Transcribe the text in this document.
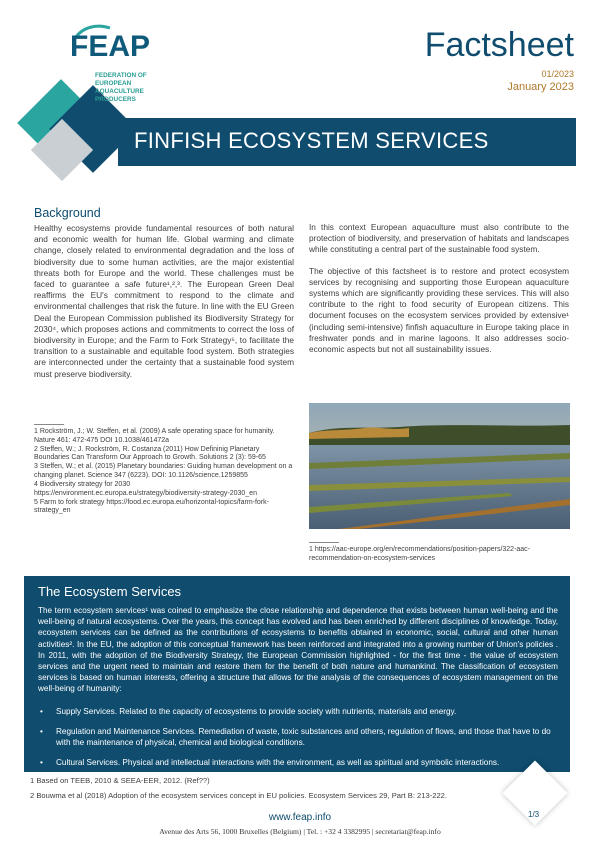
FEAP
FEDERATION OF
EUROPEAN
AQUACULTURE
PRODUCERS
Factsheet
01/2023
January 2023
FINFISH ECOSYSTEM SERVICES
Background

Healthy ecosystems provide fundamental resources of both natural and economic wealth for human life. Global warming and climate change, closely related to environmental degradation and the loss of biodiversity due to some human activities, are the major existential threats both for Europe and the world. These challenges must be faced to guarantee a safe future¹,²,³. The European Green Deal reaffirms the EU's commitment to respond to the climate and environmental challenges that risk the future. In line with the EU Green Deal the European Commission published its Biodiversity Strategy for 2030⁴, which proposes actions and commitments to correct the loss of biodiversity in Europe; and the Farm to Fork Strategy⁵, to facilitate the transition to a sustainable and equitable food system. Both strategies are interconnected under the certainty that a sustainable food system must preserve biodiversity.

In this context European aquaculture must also contribute to the protection of biodiversity, and preservation of habitats and landscapes while constituting a central part of the sustainable food system.

The objective of this factsheet is to restore and protect ecosystem services by recognising and supporting those European aquaculture systems which are significantly providing these services. This will also contribute to the right to food security of European citizens. This document focuses on the ecosystem services provided by extensive¹ (including semi-intensive) finfish aquaculture in Europe taking place in freshwater ponds and in marine lagoons. It also addresses socio-economic aspects but not all sustainability issues.

1 Rockström, J.; W. Steffen, et al. (2009) A safe operating space for humanity. Nature 461: 472-475 DOI 10.1038/461472a
2 Steffen, W.; J. Rockström, R. Costanza (2011) How Defininig Planetary Boundaries Can Transform Our Approach to Growth. Solutions 2 (3): 59-65
3 Steffen, W.; et al. (2015) Planetary boundaries: Guiding human development on a changing planet. Science 347 (6223). DOI: 10.1126/science.1259855
4 Biodiversity strategy for 2030 https://environment.ec.europa.eu/strategy/biodiversity-strategy-2030_en
5 Farm to fork strategy https://food.ec.europa.eu/horizontal-topics/farm-fork-strategy_en
1 https://aac-europe.org/en/recommendations/position-papers/322-aac-recommendation-on-ecosystem-services
The Ecosystem Services

The term ecosystem services¹ was coined to emphasize the close relationship and dependence that exists between human well-being and the well-being of natural ecosystems. Over the years, this concept has evolved and has been enriched by different disciplines of knowledge. Today, ecosystem services can be defined as the contributions of ecosystems to benefits obtained in economic, social, cultural and other human activities². In the EU, the adoption of this conceptual framework has been reinforced and integrated into a growing number of Union's policies . In 2011, with the adoption of the Biodiversity Strategy, the European Commission highlighted - for the first time - the value of ecosystem services and the urgent need to maintain and restore them for the benefit of both nature and humankind. The classification of ecosystem services is based on human interests, offering a structure that allows for the analysis of the consequences of ecosystem management on the well-being of humanity:

• Supply Services. Related to the capacity of ecosystems to provide society with nutrients, materials and energy.
• Regulation and Maintenance Services. Remediation of waste, toxic substances and others, regulation of flows, and those that have to do with the maintenance of physical, chemical and biological conditions.
• Cultural Services. Physical and intellectual interactions with the environment, as well as spiritual and symbolic interactions.
1 Based on TEEB, 2010 & SEEA-EER, 2012. (Ref??)
2 Bouwma et al (2018) Adoption of the ecosystem services concept in EU policies. Ecosystem Services 29, Part B: 213-222.
1/3
www.feap.info
Avenue des Arts 56, 1000 Bruxelles (Belgium) | Tel. : +32 4 3382995 | secretariat@feap.info
